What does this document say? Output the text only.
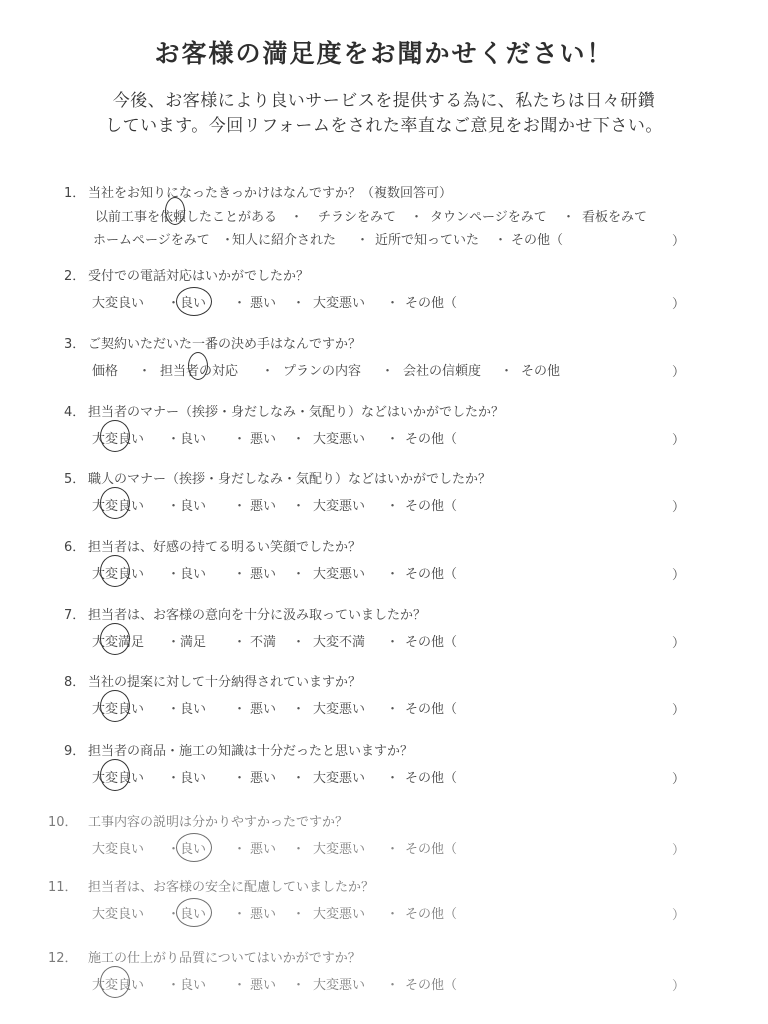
お客様の満足度をお聞かせください！
今後、お客様により良いサービスを提供する為に、私たちは日々研鑽
しています。今回リフォームをされた率直なご意見をお聞かせ下さい。
1． 当社をお知りになったきっかけはなんですか？（複数回答可）
以前工事を依頼したことがある	チラシをみて	タウンページをみて	看板をみて
・	・	・
ホームページをみて 知人に紹介された	近所で知っていた その他（
・	・	・	）
2． 受付での電話対応はいかがでしたか？
大変良い	良い	悪い	大変悪い	その他（
・	・	・	・	）
3． ご契約いただいた一番の決め手はなんですか？
価格	担当者の対応	プランの内容	会社の信頼度	その他
・	・	・	・	）
4． 担当者のマナー（挨拶・身だしなみ・気配り）などはいかがでしたか？
大変良い	良い	悪い	大変悪い	その他（
・	・	・	・	）
5． 職人のマナー（挨拶・身だしなみ・気配り）などはいかがでしたか？
大変良い	良い	悪い	大変悪い	その他（
・	・	・	・	）
6． 担当者は、好感の持てる明るい笑顔でしたか？
大変良い	良い	悪い	大変悪い	その他（
・	・	・	・	）
7． 担当者は、お客様の意向を十分に汲み取っていましたか？
大変満足	満足	不満	大変不満	その他（
・	・	・	・	）
8． 当社の提案に対して十分納得されていますか？
大変良い	良い	悪い	大変悪い	その他（
・	・	・	・	）
9． 担当者の商品・施工の知識は十分だったと思いますか？
大変良い	良い	悪い	大変悪い	その他（
・	・	・	・	）
10． 工事内容の説明は分かりやすかったですか？
大変良い	良い	悪い	大変悪い	その他（
・	・	・	・	）
11． 担当者は、お客様の安全に配慮していましたか？
大変良い	良い	悪い	大変悪い	その他（
・	・	・	・	）
12． 施工の仕上がり品質についてはいかがですか？
大変良い	良い	悪い	大変悪い	その他（
・	・	・	・	）
